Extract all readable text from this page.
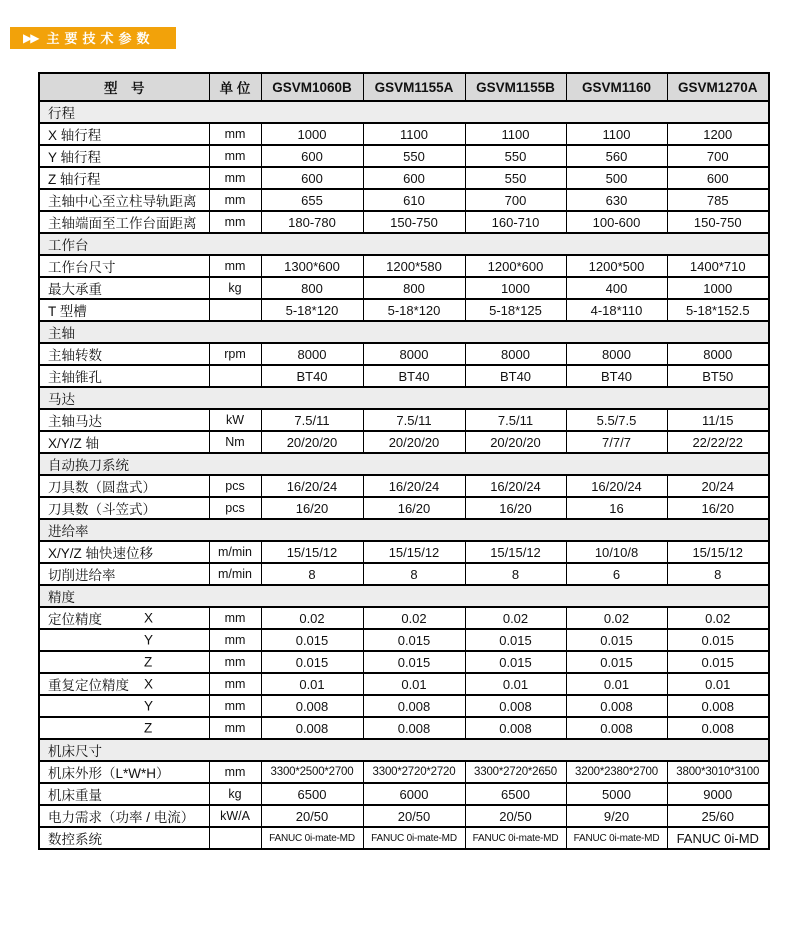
▶▶ 主要技术参数
型　号	单 位	GSVM1060B	GSVM1155A	GSVM1155B	GSVM1160	GSVM1270A
行程						
X 轴行程	mm	1000	1100	1100	1100	1200
Y 轴行程	mm	600	550	550	560	700
Z 轴行程	mm	600	600	550	500	600
主轴中心至立柱导轨距离	mm	655	610	700	630	785
主轴端面至工作台面距离	mm	180-780	150-750	160-710	100-600	150-750
工作台						
工作台尺寸	mm	1300*600	1200*580	1200*600	1200*500	1400*710
最大承重	kg	800	800	1000	400	1000
T 型槽		5-18*120	5-18*120	5-18*125	4-18*110	5-18*152.5
主轴						
主轴转数	rpm	8000	8000	8000	8000	8000
主轴锥孔		BT40	BT40	BT40	BT40	BT50
马达						
主轴马达	kW	7.5/11	7.5/11	7.5/11	5.5/7.5	11/15
X/Y/Z 轴	Nm	20/20/20	20/20/20	20/20/20	7/7/7	22/22/22
自动换刀系统						
刀具数（圆盘式）	pcs	16/20/24	16/20/24	16/20/24	16/20/24	20/24
刀具数（斗笠式）	pcs	16/20	16/20	16/20	16	16/20
进给率						
X/Y/Z 轴快速位移	m/min	15/15/12	15/15/12	15/15/12	10/10/8	15/15/12
切削进给率	m/min	8	8	8	6	8
精度						
定位精度 X	mm	0.02	0.02	0.02	0.02	0.02

Y	mm	0.015	0.015	0.015	0.015	0.015

Z	mm	0.015	0.015	0.015	0.015	0.015
重复定位精度 X	mm	0.01	0.01	0.01	0.01	0.01

Y	mm	0.008	0.008	0.008	0.008	0.008

Z	mm	0.008	0.008	0.008	0.008	0.008
机床尺寸						
机床外形（L*W*H）	mm	3300*2500*2700	3300*2720*2720	3300*2720*2650	3200*2380*2700	3800*3010*3100
机床重量	kg	6500	6000	6500	5000	9000
电力需求（功率 / 电流）	kW/A	20/50	20/50	20/50	9/20	25/60
数控系统		FANUC 0i-mate-MD	FANUC 0i-mate-MD	FANUC 0i-mate-MD	FANUC 0i-mate-MD	FANUC 0i-MD
